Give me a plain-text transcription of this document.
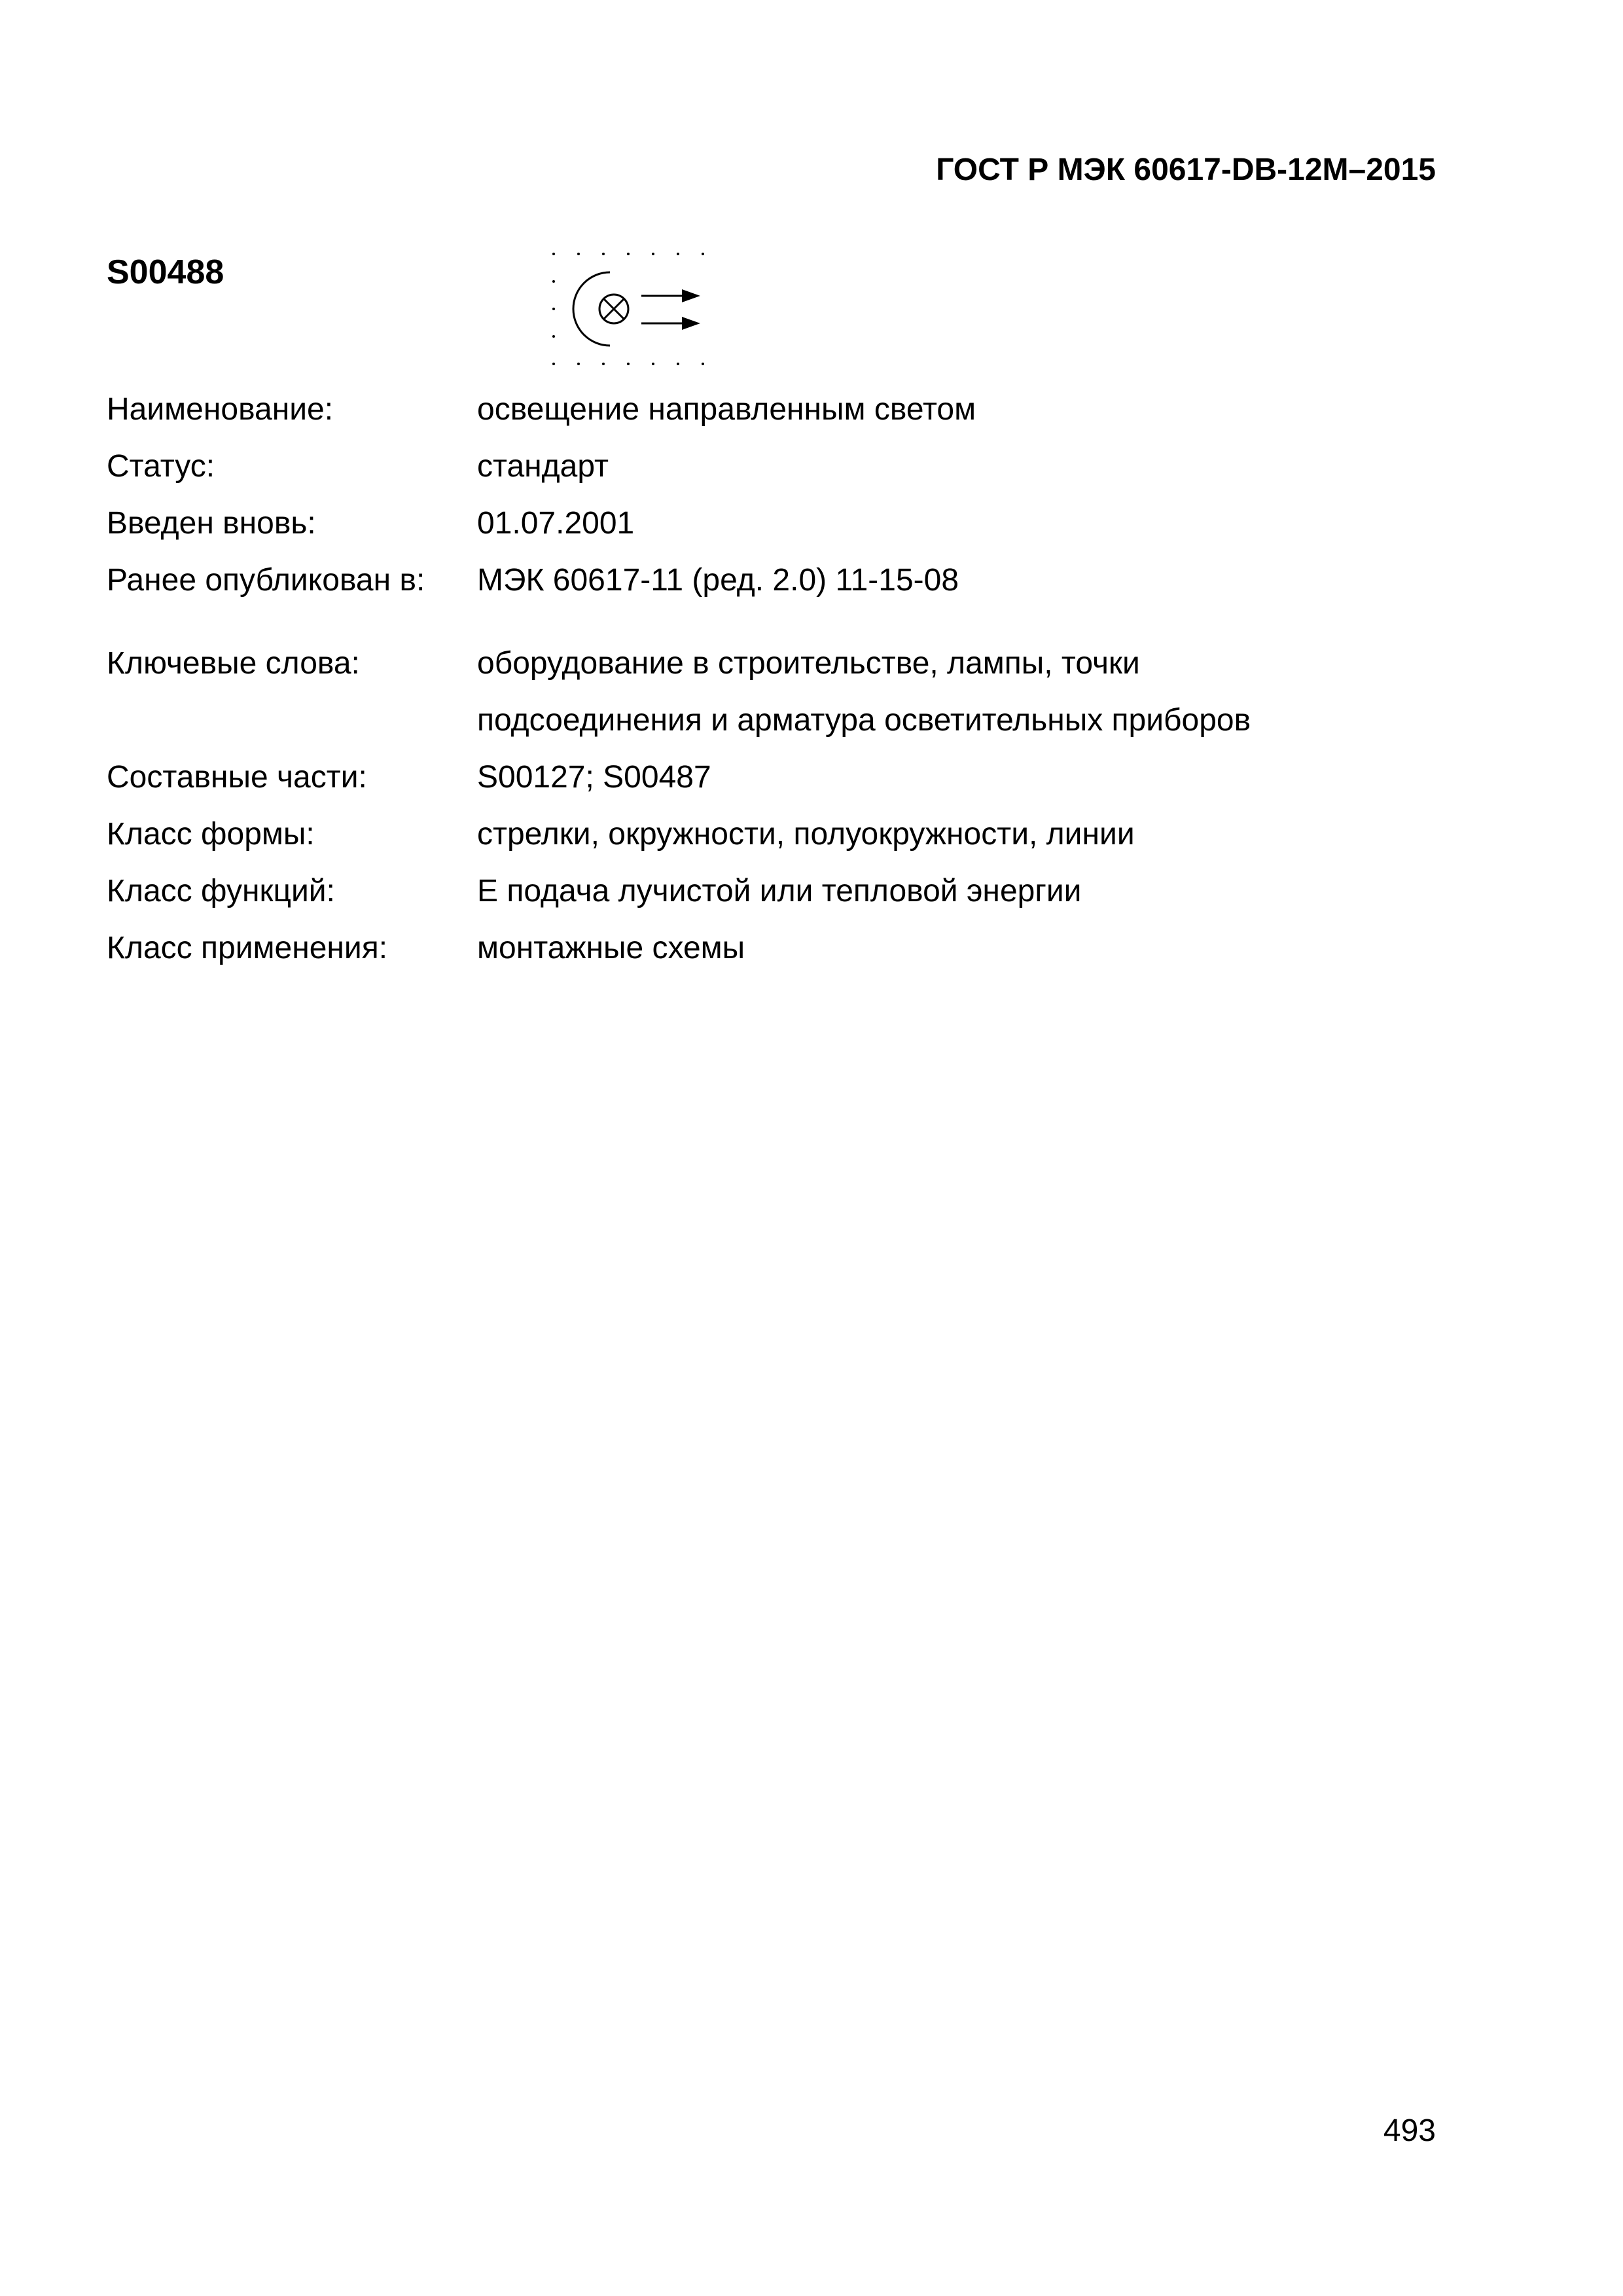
ГОСТ Р МЭК 60617-DB-12M–2015
S00488
Наименование:	освещение направленным светом
Статус:	стандарт
Введен вновь:	01.07.2001
Ранее опубликован в:	МЭК 60617-11 (ред. 2.0) 11-15-08
Ключевые слова:	оборудование в строительстве, лампы, точки
подсоединения и арматура осветительных приборов
Составные части:	S00127; S00487
Класс формы:	стрелки, окружности, полуокружности, линии
Класс функций:	Е подача лучистой или тепловой энергии
Класс применения:	монтажные схемы
493
